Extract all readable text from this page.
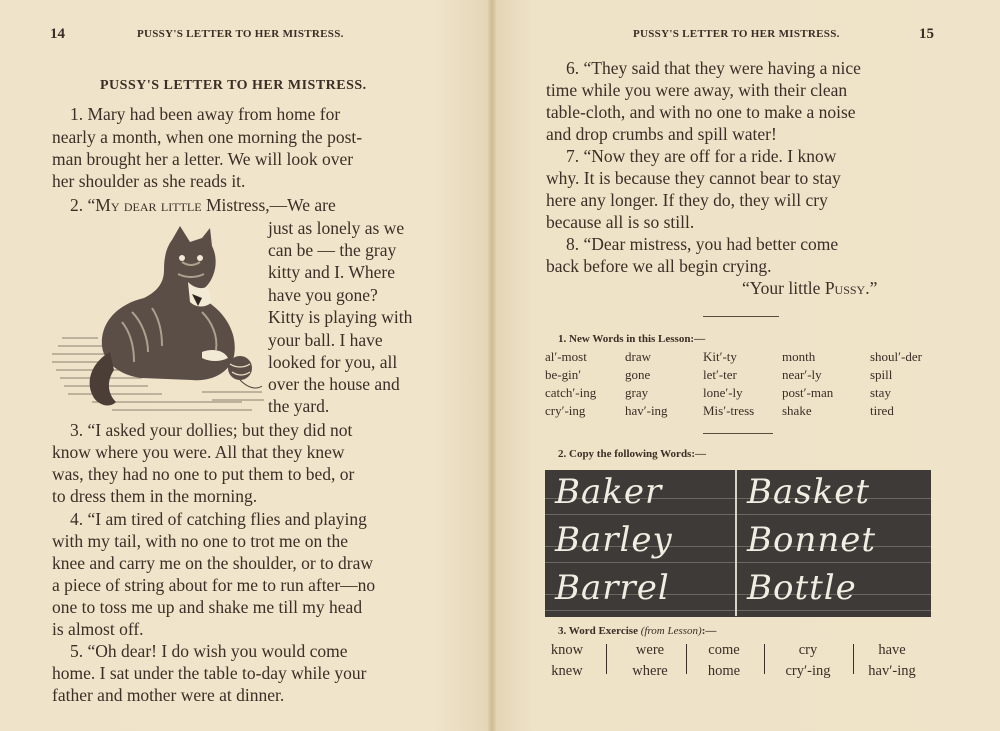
14	PUSSY'S LETTER TO HER MISTRESS.
PUSSY'S LETTER TO HER MISTRESS.
1. Mary had been away from home for
nearly a month, when one morning the post-
man brought her a letter. We will look over
her shoulder as she reads it.
2. “My dear little Mistress,—We are
just as lonely as we
can be — the gray
kitty and I. Where
have you gone?
Kitty is playing with
your ball. I have
looked for you, all
over the house and
the yard.
3. “I asked your dollies; but they did not
know where you were. All that they knew
was, they had no one to put them to bed, or
to dress them in the morning.
4. “I am tired of catching flies and playing
with my tail, with no one to trot me on the
knee and carry me on the shoulder, or to draw
a piece of string about for me to run after—no
one to toss me up and shake me till my head
is almost off.
5. “Oh dear! I do wish you would come
home. I sat under the table to-day while your
father and mother were at dinner.
PUSSY'S LETTER TO HER MISTRESS.	15
6. “They said that they were having a nice
time while you were away, with their clean
table-cloth, and with no one to make a noise
and drop crumbs and spill water!
7. “Now they are off for a ride. I know
why. It is because they cannot bear to stay
here any longer. If they do, they will cry
because all is so still.
8. “Dear mistress, you had better come
back before we all begin crying.
“Your little Pussy.”
1. New Words in this Lesson:—
al′-most
be-gin′
catch′-ing
cry′-ing
draw
gone
gray
hav′-ing
Kit′-ty
let′-ter
lone′-ly
Mis′-tress
month
near′-ly
post′-man
shake
shoul′-der
spill
stay
tired
2. Copy the following Words:—
Baker
Barley
Barrel
Basket
Bonnet
Bottle
3. Word Exercise (from Lesson):—
know
knew
were
where
come
home
cry
cry′-ing
have
hav′-ing
